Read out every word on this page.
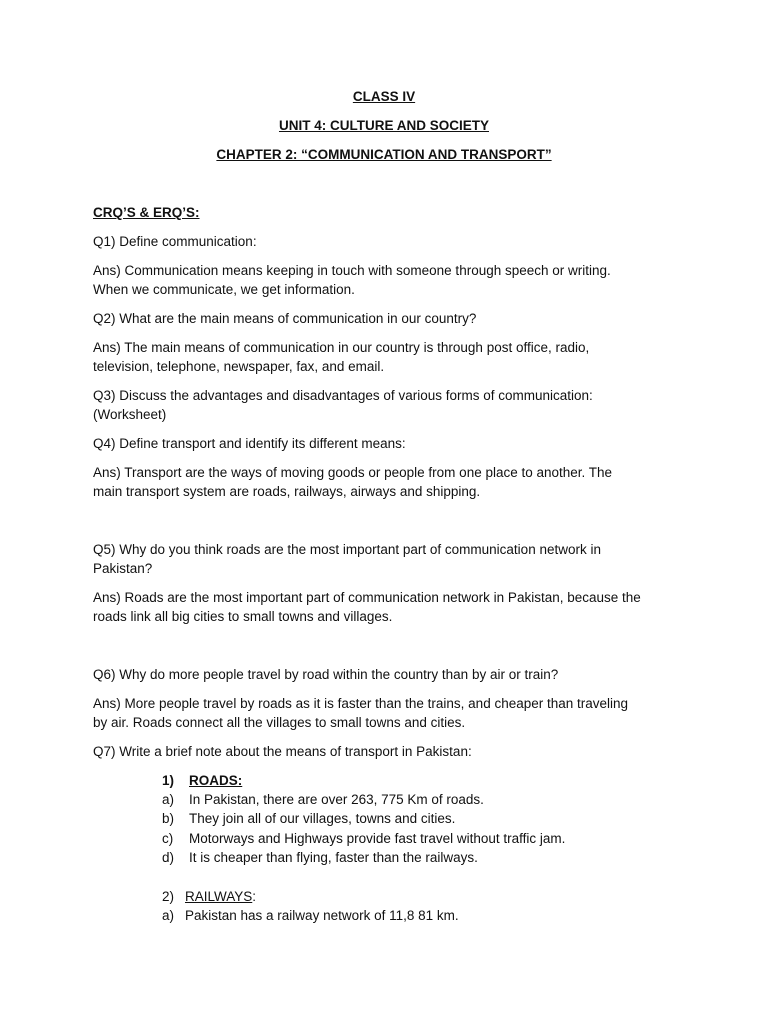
CLASS IV

UNIT 4: CULTURE AND SOCIETY

CHAPTER 2: “COMMUNICATION AND TRANSPORT”

CRQ’S & ERQ’S:

Q1) Define communication:

Ans) Communication means keeping in touch with someone through speech or writing.

When we communicate, we get information.

Q2) What are the main means of communication in our country?

Ans) The main means of communication in our country is through post office, radio,

television, telephone, newspaper, fax, and email.

Q3) Discuss the advantages and disadvantages of various forms of communication:

(Worksheet)

Q4) Define transport and identify its different means:

Ans) Transport are the ways of moving goods or people from one place to another. The

main transport system are roads, railways, airways and shipping.

Q5) Why do you think roads are the most important part of communication network in

Pakistan?

Ans) Roads are the most important part of communication network in Pakistan, because the

roads link all big cities to small towns and villages.

Q6) Why do more people travel by road within the country than by air or train?

Ans) More people travel by roads as it is faster than the trains, and cheaper than traveling

by air. Roads connect all the villages to small towns and cities.

Q7) Write a brief note about the means of transport in Pakistan:

1) ROADS:
a) In Pakistan, there are over 263, 775 Km of roads.
b) They join all of our villages, towns and cities.
c) Motorways and Highways provide fast travel without traffic jam.
d) It is cheaper than flying, faster than the railways.
2) RAILWAYS:
a) Pakistan has a railway network of 11,8 81 km.
